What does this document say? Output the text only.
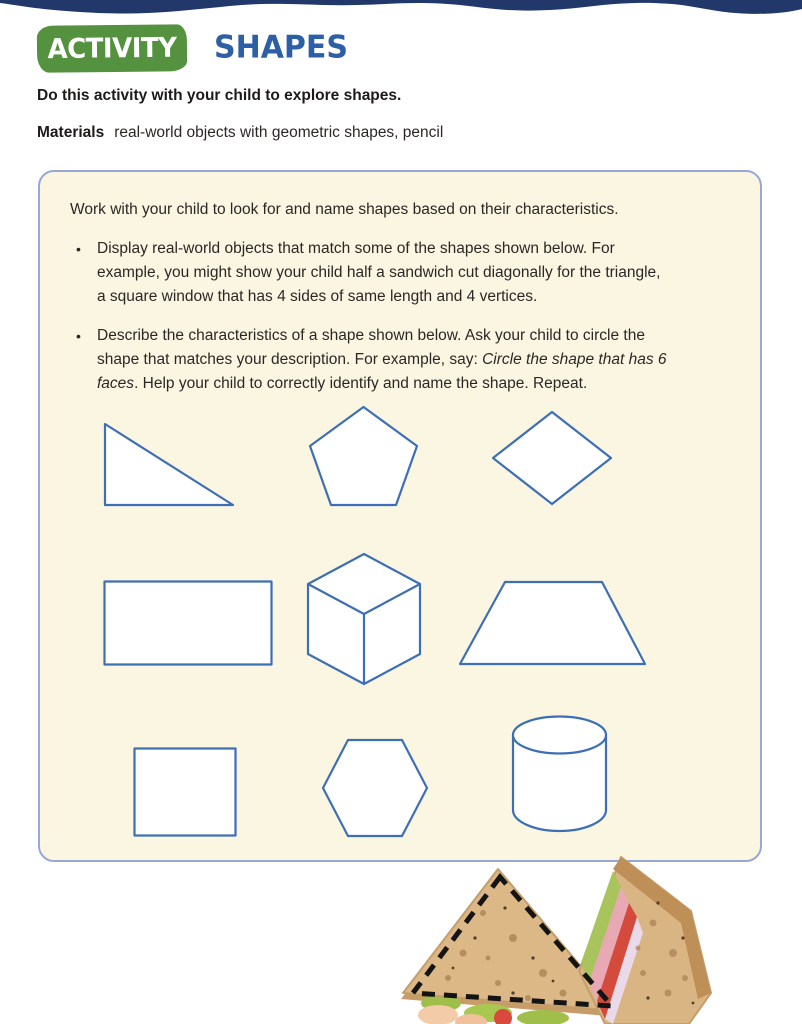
ACTIVITY SHAPES
Do this activity with your child to explore shapes.
Materials real-world objects with geometric shapes, pencil

Work with your child to look for and name shapes based on their characteristics.

• Display real-world objects that match some of the shapes shown below. For example, you might show your child half a sandwich cut diagonally for the triangle, a square window that has 4 sides of same length and 4 vertices.
• Describe the characteristics of a shape shown below. Ask your child to circle the shape that matches your description. For example, say: Circle the shape that has 6 faces. Help your child to correctly identify and name the shape. Repeat.
